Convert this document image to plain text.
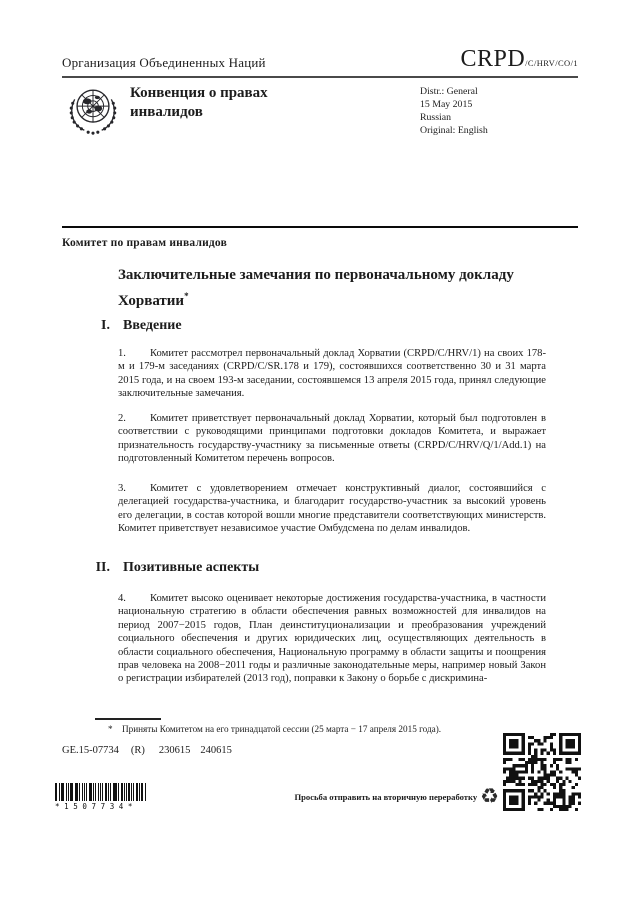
Организация Объединенных Наций	CRPD /C/HRV/CO/1
Конвенция о правах инвалидов
Distr.: General
15 May 2015
Russian
Original: English
Комитет по правам инвалидов
Заключительные замечания по первоначальному докладу Хорватии*
I. Введение
1. Комитет рассмотрел первоначальный доклад Хорватии (CRPD/C/HRV/1) на своих 178-м и 179-м заседаниях (CRPD/C/SR.178 и 179), состоявшихся соответственно 30 и 31 марта 2015 года, и на своем 193-м заседании, состоявшемся 13 апреля 2015 года, принял следующие заключительные замечания.
2. Комитет приветствует первоначальный доклад Хорватии, который был подготовлен в соответствии с руководящими принципами подготовки докладов Комитета, и выражает признательность государству-участнику за письменные ответы (CRPD/C/HRV/Q/1/Add.1) на подготовленный Комитетом перечень вопросов.
3. Комитет с удовлетворением отмечает конструктивный диалог, состоявшийся с делегацией государства-участника, и благодарит государство-участник за высокий уровень его делегации, в состав которой вошли многие представители соответствующих министерств. Комитет приветствует независимое участие Омбудсмена по делам инвалидов.
II. Позитивные аспекты
4. Комитет высоко оценивает некоторые достижения государства-участника, в частности национальную стратегию в области обеспечения равных возможностей для инвалидов на период 2007−2015 годов, План деинституционализации и преобразования учреждений социального обеспечения и других юридических лиц, осуществляющих деятельность в области социального обеспечения, Национальную программу в области защиты и поощрения прав человека на 2008−2011 годы и различные законодательные меры, например новый Закон о регистрации избирателей (2013 год), поправки к Закону о борьбе с дискримина-
* Приняты Комитетом на его тринадцатой сессии (25 марта − 17 апреля 2015 года).
GE.15-07734 (R) 230615 240615
*1507734*
Просьба отправить на вторичную переработку ♻
